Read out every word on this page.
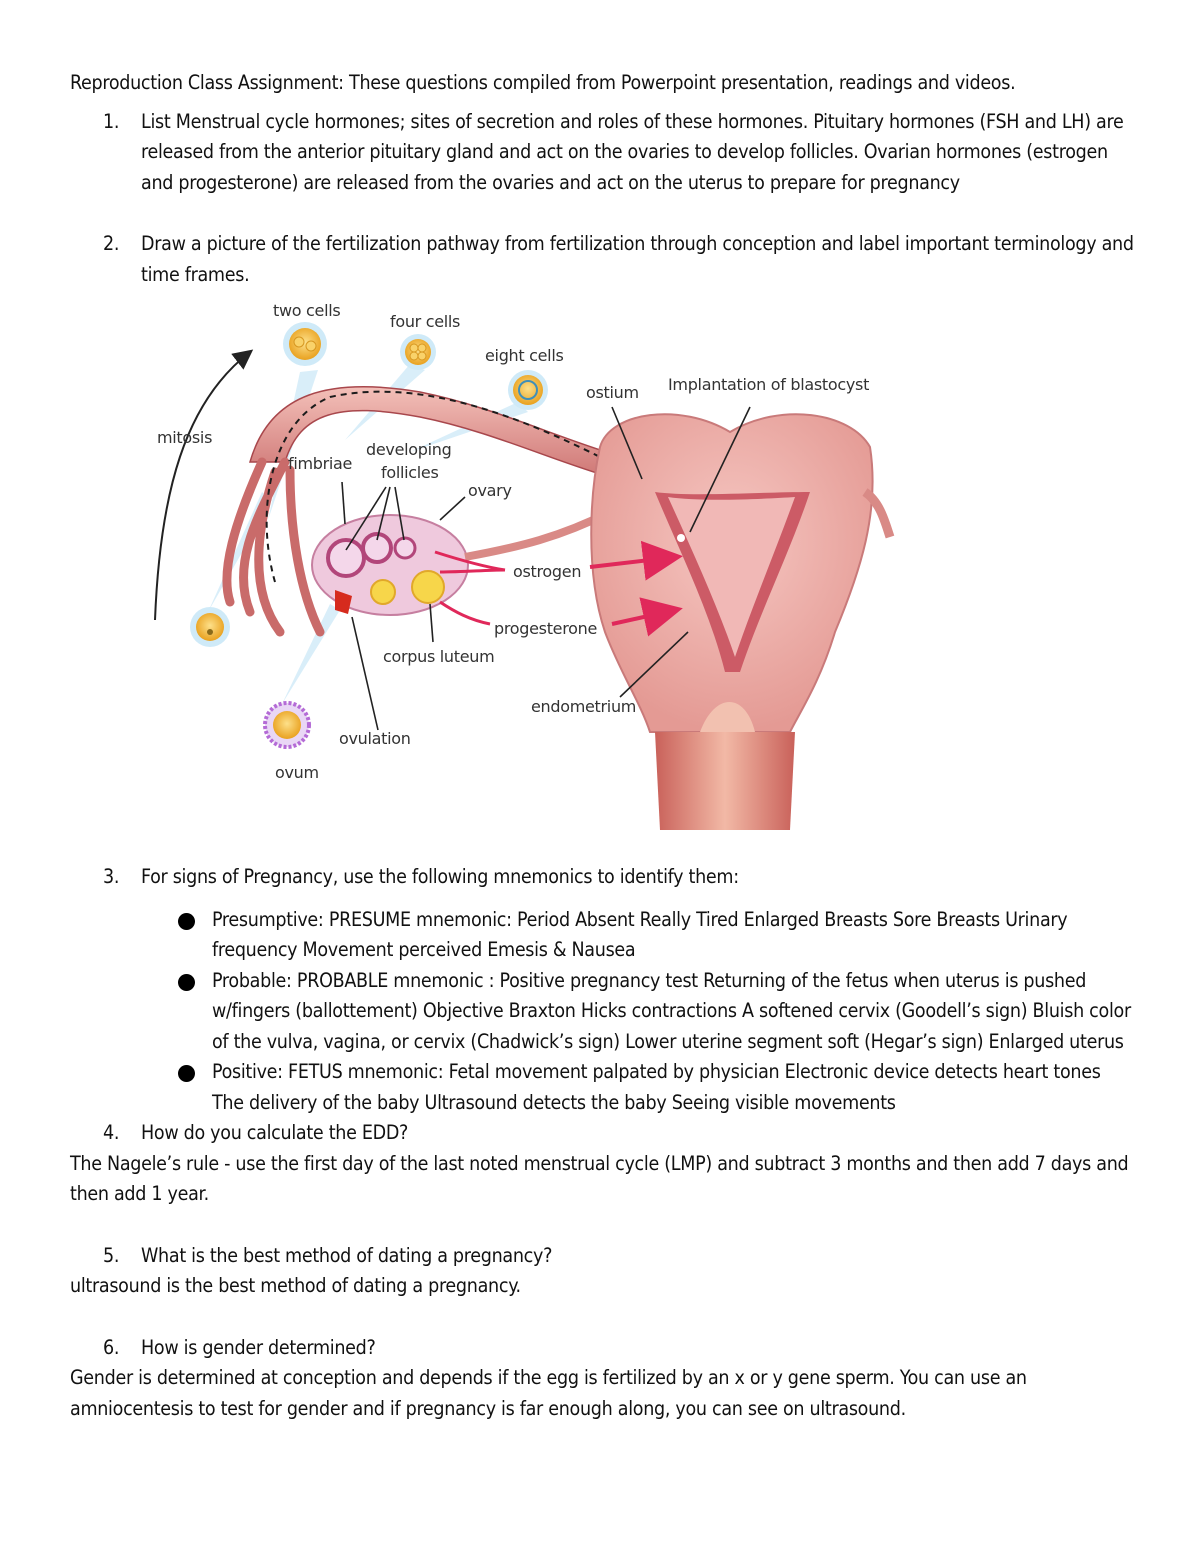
Reproduction Class Assignment: These questions compiled from Powerpoint presentation, readings and videos.

1. List Menstrual cycle hormones; sites of secretion and roles of these hormones. Pituitary hormones (FSH and LH) are released from the anterior pituitary gland and act on the ovaries to develop follicles. Ovarian hormones (estrogen and progesterone) are released from the ovaries and act on the uterus to prepare for pregnancy
2. Draw a picture of the fertilization pathway from fertilization through conception and label important terminology and time frames.
two cells
four cells
eight cells
ostium Implantation of blastocyst
mitosis
fimbriae
developing
follicles
ovary
ostrogen
progesterone
corpus luteum
endometrium
ovulation
ovum
3. For signs of Pregnancy, use the following mnemonics to identify them:
Presumptive: PRESUME mnemonic: Period Absent Really Tired Enlarged Breasts Sore Breasts Urinary frequency Movement perceived Emesis & Nausea
Probable: PROBABLE mnemonic : Positive pregnancy test Returning of the fetus when uterus is pushed w/fingers (ballottement) Objective Braxton Hicks contractions A softened cervix (Goodell’s sign) Bluish color of the vulva, vagina, or cervix (Chadwick’s sign) Lower uterine segment soft (Hegar’s sign) Enlarged uterus
Positive: FETUS mnemonic: Fetal movement palpated by physician Electronic device detects heart tones The delivery of the baby Ultrasound detects the baby Seeing visible movements
4. How do you calculate the EDD?

The Nagele’s rule - use the first day of the last noted menstrual cycle (LMP) and subtract 3 months and then add 7 days and then add 1 year.

5. What is the best method of dating a pregnancy?

ultrasound is the best method of dating a pregnancy.

6. How is gender determined?

Gender is determined at conception and depends if the egg is fertilized by an x or y gene sperm. You can use an amniocentesis to test for gender and if pregnancy is far enough along, you can see on ultrasound.
